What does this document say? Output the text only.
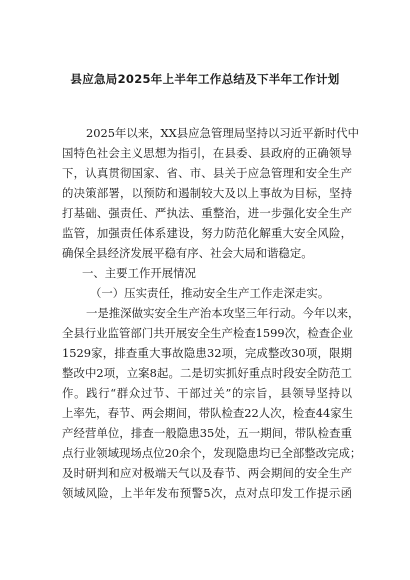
县应急局2025年上半年工作总结及下半年工作计划
2025年以来，XX县应急管理局坚持以习近平新时代中
国特色社会主义思想为指引，在县委、县政府的正确领导
下，认真贯彻国家、省、市、县关于应急管理和安全生产
的决策部署，以预防和遏制较大及以上事故为目标，坚持
打基础、强责任、严执法、重整治，进一步强化安全生产
监管，加强责任体系建设，努力防范化解重大安全风险，
确保全县经济发展平稳有序、社会大局和谐稳定。
一、主要工作开展情况
（一）压实责任，推动安全生产工作走深走实。
一是推深做实安全生产治本攻坚三年行动。今年以来，
全县行业监管部门共开展安全生产检查1599次，检查企业
1529家，排查重大事故隐患32项，完成整改30项，限期
整改中2项，立案8起。二是切实抓好重点时段安全防范工
作。践行“群众过节、干部过关”的宗旨，县领导坚持以
上率先，春节、两会期间，带队检查22人次，检查44家生
产经营单位，排查一般隐患35处，五一期间，带队检查重
点行业领域现场点位20余个，发现隐患均已全部整改完成；
及时研判和应对极端天气以及春节、两会期间的安全生产
领域风险，上半年发布预警5次，点对点印发工作提示函
